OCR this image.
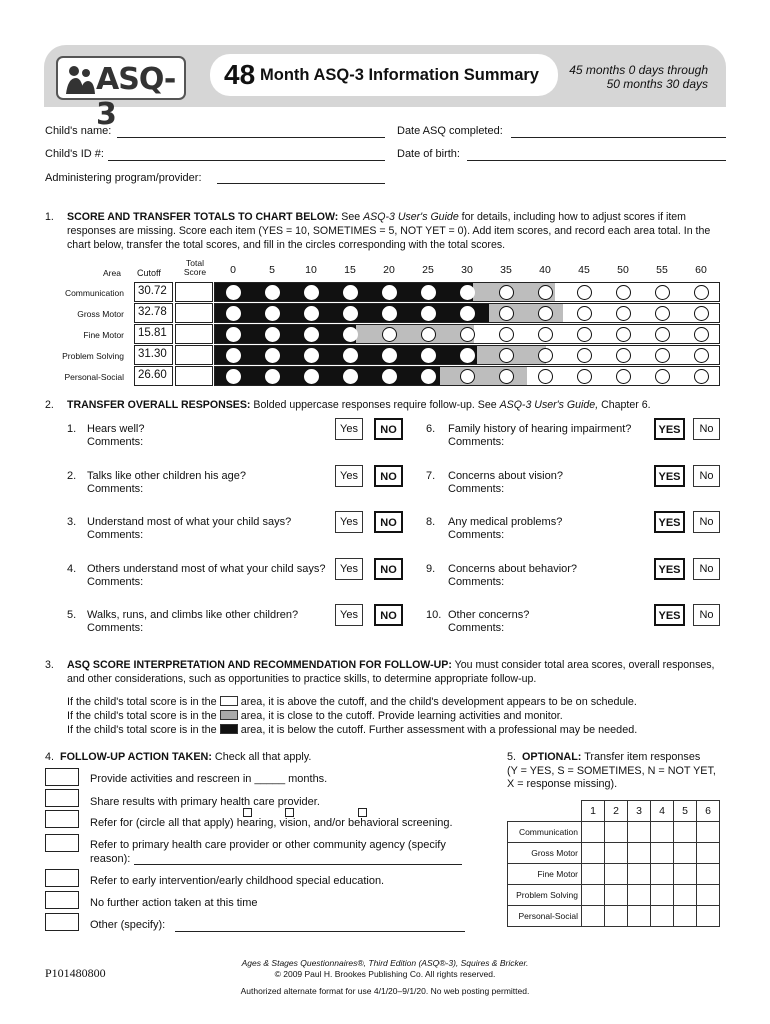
ASQ-3
48 Month ASQ-3 Information Summary	45 months 0 days through
50 months 30 days
Child's name:	Date ASQ completed:
Child's ID #:	Date of birth:
Administering program/provider:
1. SCORE AND TRANSFER TOTALS TO CHART BELOW: See ASQ-3 User's Guide for details, including how to adjust scores if item responses are missing. Score each item (YES = 10, SOMETIMES = 5, NOT YET = 0). Add item scores, and record each area total. In the chart below, transfer the total scores, and fill in the circles corresponding with the total scores.
Area Cutoff
Total Score
Communication	30.72
Gross Motor	32.78
Fine Motor	15.81
Problem Solving	31.30
Personal-Social	26.60
2. TRANSFER OVERALL RESPONSES: Bolded uppercase responses require follow-up. See ASQ-3 User's Guide, Chapter 6.
1. Hears well?
Comments:
Yes	NO
2. Talks like other children his age?
Comments:
Yes	NO
3. Understand most of what your child says?
Comments:
Yes	NO
4. Others understand most of what your child says?
Comments:
Yes	NO
5. Walks, runs, and climbs like other children?
Comments:
Yes	NO
6. Family history of hearing impairment?
Comments:
YES	No
7. Concerns about vision?
Comments:
YES	No
8. Any medical problems?
Comments:
YES	No
9. Concerns about behavior?
Comments:
YES	No
10. Other concerns?
Comments:
YES	No
3. ASQ SCORE INTERPRETATION AND RECOMMENDATION FOR FOLLOW-UP: You must consider total area scores, overall responses, and other considerations, such as opportunities to practice skills, to determine appropriate follow-up.
If the child's total score is in the area, it is above the cutoff, and the child's development appears to be on schedule.
If the child's total score is in the area, it is close to the cutoff. Provide learning activities and monitor.
If the child's total score is in the area, it is below the cutoff. Further assessment with a professional may be needed.
4. FOLLOW-UP ACTION TAKEN: Check all that apply.
Provide activities and rescreen in _____ months.
Share results with primary health care provider.
Refer for (circle all that apply) hearing, vision, and/or behavioral screening.
Refer to primary health care provider or other community agency (specify
reason):
Refer to early intervention/early childhood special education.
No further action taken at this time
Other (specify):
5. OPTIONAL: Transfer item responses
(Y = YES, S = SOMETIMES, N = NOT YET,
X = response missing).
	1	2	3	4	5	6
Communication						
Gross Motor						
Fine Motor						
Problem Solving						
Personal-Social						
P101480800
Ages & Stages Questionnaires®, Third Edition (ASQ®-3), Squires & Bricker.
© 2009 Paul H. Brookes Publishing Co. All rights reserved.
Authorized alternate format for use 4/1/20–9/1/20. No web posting permitted.
0	5	10	15	20	25	30	35	40	45	50	55	60
